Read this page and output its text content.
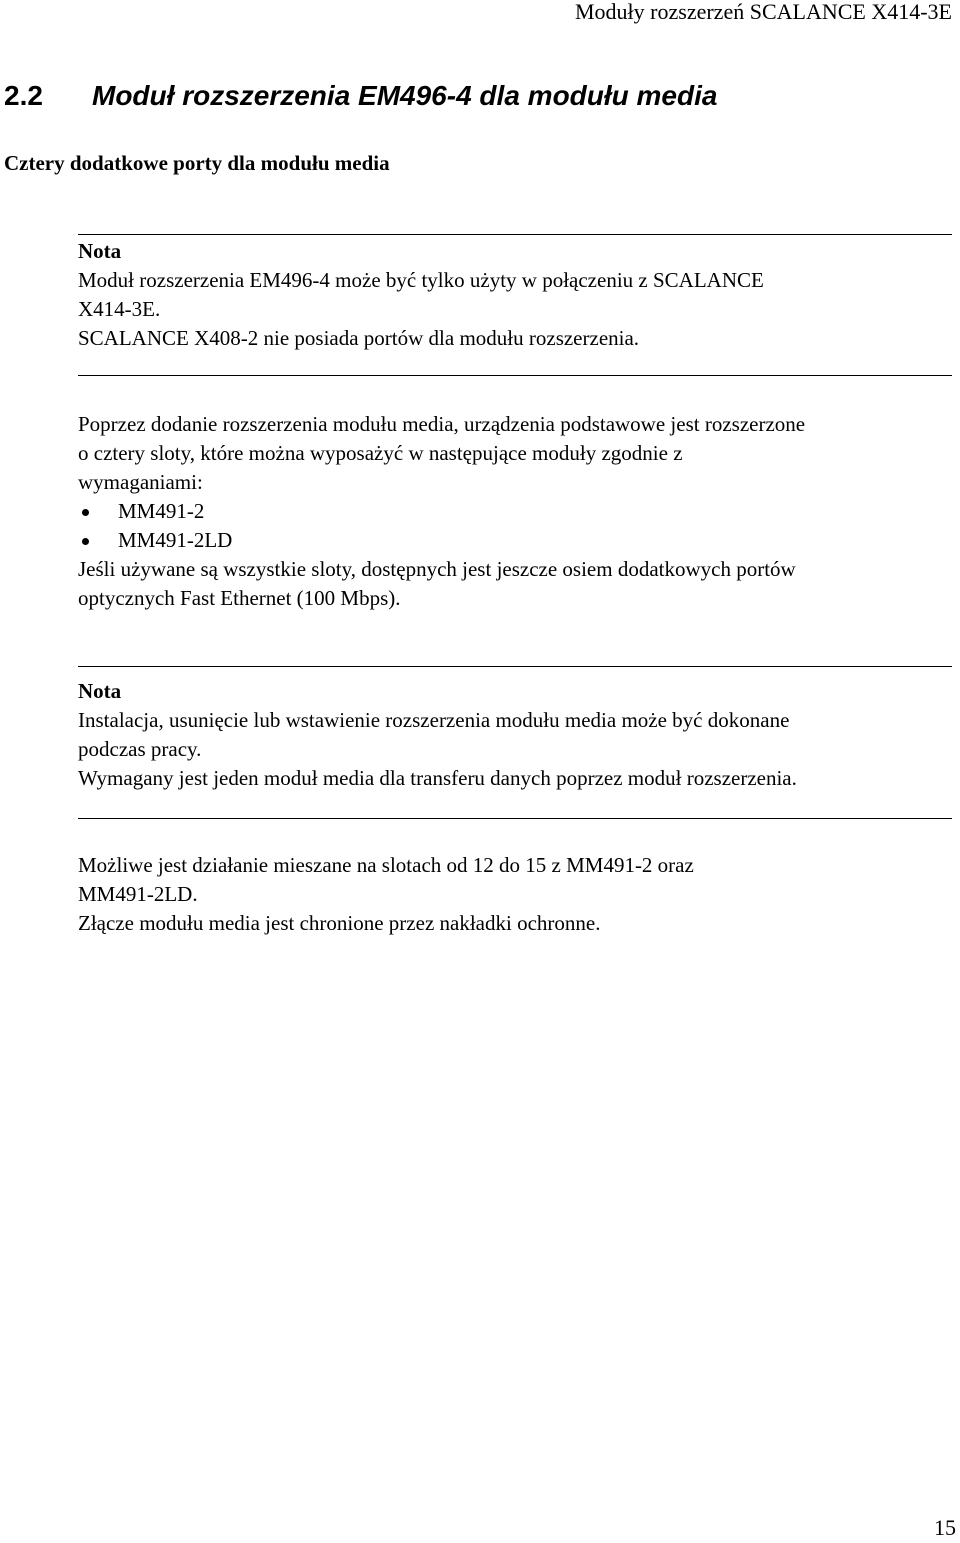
Moduły rozszerzeń SCALANCE X414-3E
2.2 Moduł rozszerzenia EM496-4 dla modułu media
Cztery dodatkowe porty dla modułu media

Nota

Moduł rozszerzenia EM496-4 może być tylko użyty w połączeniu z SCALANCE

X414-3E.

SCALANCE X408-2 nie posiada portów dla modułu rozszerzenia.

Poprzez dodanie rozszerzenia modułu media, urządzenia podstawowe jest rozszerzone

o cztery sloty, które można wyposażyć w następujące moduły zgodnie z

wymaganiami:

MM491-2
MM491-2LD

Jeśli używane są wszystkie sloty, dostępnych jest jeszcze osiem dodatkowych portów

optycznych Fast Ethernet (100 Mbps).

Nota

Instalacja, usunięcie lub wstawienie rozszerzenia modułu media może być dokonane

podczas pracy.

Wymagany jest jeden moduł media dla transferu danych poprzez moduł rozszerzenia.

Możliwe jest działanie mieszane na slotach od 12 do 15 z MM491-2 oraz

MM491-2LD.

Złącze modułu media jest chronione przez nakładki ochronne.

15
